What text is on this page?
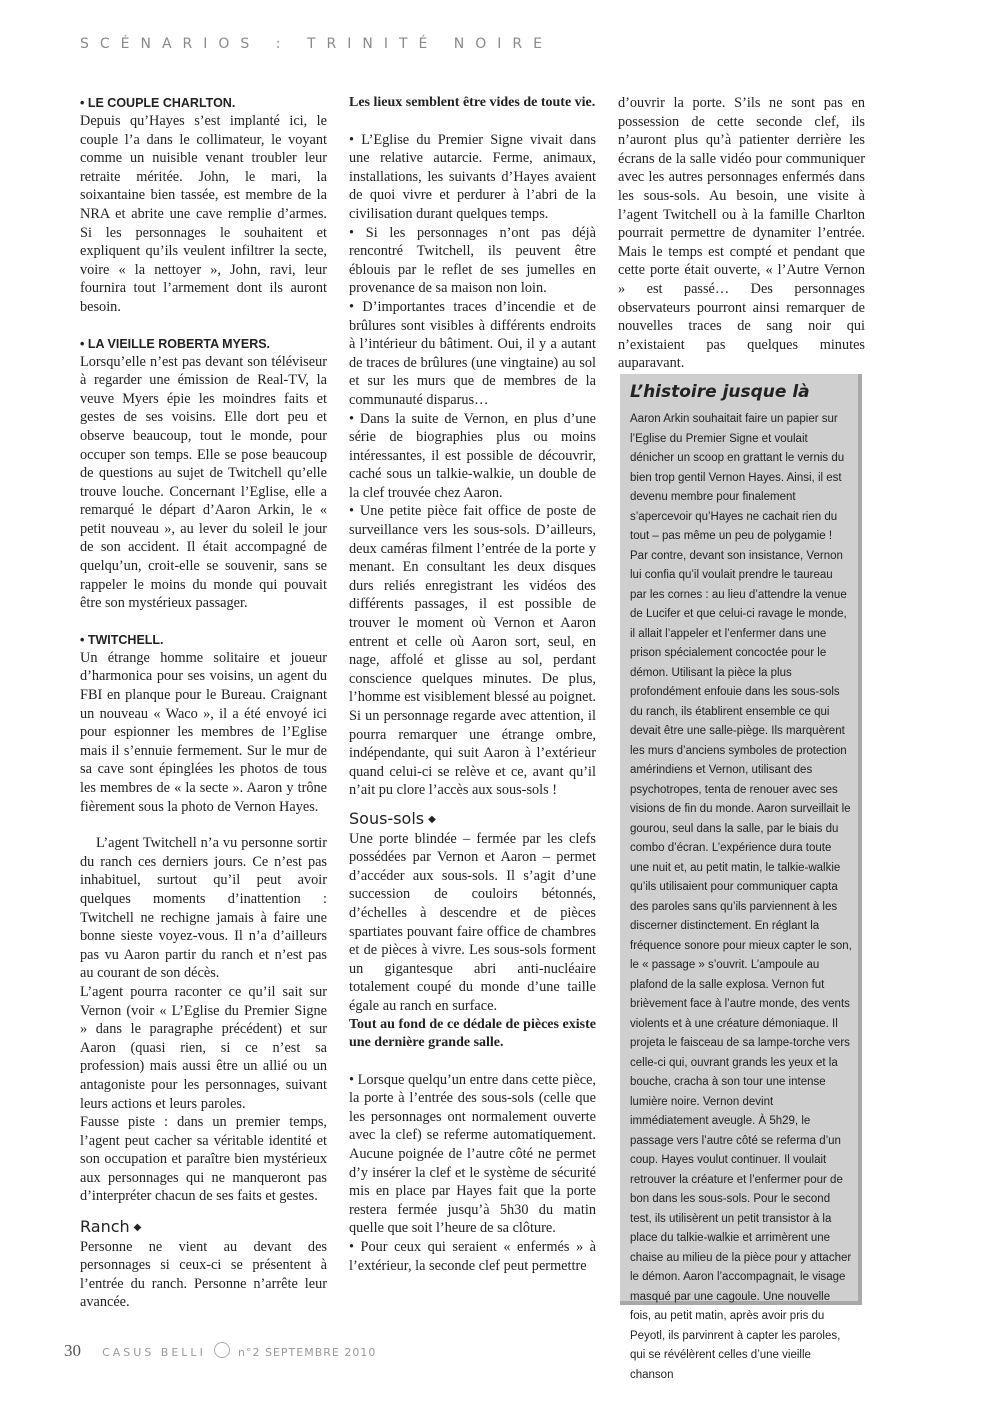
SCÉNARIOS : TRINITÉ NOIRE

• LE COUPLE CHARLTON.

Depuis qu’Hayes s’est implanté ici, le couple l’a dans le collimateur, le voyant comme un nuisible venant troubler leur retraite méritée. John, le mari, la soixantaine bien tassée, est membre de la NRA et abrite une cave remplie d’armes. Si les personnages le souhaitent et expliquent qu’ils veulent infiltrer la secte, voire « la nettoyer », John, ravi, leur fournira tout l’armement dont ils auront besoin.

• LA VIEILLE ROBERTA MYERS.

Lorsqu’elle n’est pas devant son téléviseur à regarder une émission de Real-TV, la veuve Myers épie les moindres faits et gestes de ses voisins. Elle dort peu et observe beaucoup, tout le monde, pour occuper son temps. Elle se pose beaucoup de questions au sujet de Twitchell qu’elle trouve louche. Concernant l’Eglise, elle a remarqué le départ d’Aaron Arkin, le « petit nouveau », au lever du soleil le jour de son accident. Il était accompagné de quelqu’un, croit-elle se souvenir, sans se rappeler le moins du monde qui pouvait être son mystérieux passager.

• TWITCHELL.

Un étrange homme solitaire et joueur d’harmonica pour ses voisins, un agent du FBI en planque pour le Bureau. Craignant un nouveau « Waco », il a été envoyé ici pour espionner les membres de l’Eglise mais il s’ennuie fermement. Sur le mur de sa cave sont épinglées les photos de tous les membres de « la secte ». Aaron y trône fièrement sous la photo de Vernon Hayes.

L’agent Twitchell n’a vu personne sortir du ranch ces derniers jours. Ce n’est pas inhabituel, surtout qu’il peut avoir quelques moments d’inattention : Twitchell ne rechigne jamais à faire une bonne sieste voyez-vous. Il n’a d’ailleurs pas vu Aaron partir du ranch et n’est pas au courant de son décès.

L’agent pourra raconter ce qu’il sait sur Vernon (voir « L’Eglise du Premier Signe » dans le paragraphe précédent) et sur Aaron (quasi rien, si ce n’est sa profession) mais aussi être un allié ou un antagoniste pour les personnages, suivant leurs actions et leurs paroles.

Fausse piste : dans un premier temps, l’agent peut cacher sa véritable identité et son occupation et paraître bien mystérieux aux personnages qui ne manqueront pas d’interpréter chacun de ses faits et gestes.

Ranch ◆

Personne ne vient au devant des personnages si ceux-ci se présentent à l’entrée du ranch. Personne n’arrête leur avancée.

Les lieux semblent être vides de toute vie.

• L’Eglise du Premier Signe vivait dans une relative autarcie. Ferme, animaux, installations, les suivants d’Hayes avaient de quoi vivre et perdurer à l’abri de la civilisation durant quelques temps.

• Si les personnages n’ont pas déjà rencontré Twitchell, ils peuvent être éblouis par le reflet de ses jumelles en provenance de sa maison non loin.

• D’importantes traces d’incendie et de brûlures sont visibles à différents endroits à l’intérieur du bâtiment. Oui, il y a autant de traces de brûlures (une vingtaine) au sol et sur les murs que de membres de la communauté disparus…

• Dans la suite de Vernon, en plus d’une série de biographies plus ou moins intéressantes, il est possible de découvrir, caché sous un talkie-walkie, un double de la clef trouvée chez Aaron.

• Une petite pièce fait office de poste de surveillance vers les sous-sols. D’ailleurs, deux caméras filment l’entrée de la porte y menant. En consultant les deux disques durs reliés enregistrant les vidéos des différents passages, il est possible de trouver le moment où Vernon et Aaron entrent et celle où Aaron sort, seul, en nage, affolé et glisse au sol, perdant conscience quelques minutes. De plus, l’homme est visiblement blessé au poignet. Si un personnage regarde avec attention, il pourra remarquer une étrange ombre, indépendante, qui suit Aaron à l’extérieur quand celui-ci se relève et ce, avant qu’il n’ait pu clore l’accès aux sous-sols !

Sous-sols ◆

Une porte blindée – fermée par les clefs possédées par Vernon et Aaron – permet d’accéder aux sous-sols. Il s’agit d’une succession de couloirs bétonnés, d’échelles à descendre et de pièces spartiates pouvant faire office de chambres et de pièces à vivre. Les sous-sols forment un gigantesque abri anti-nucléaire totalement coupé du monde d’une taille égale au ranch en surface.

Tout au fond de ce dédale de pièces existe une dernière grande salle.

• Lorsque quelqu’un entre dans cette pièce, la porte à l’entrée des sous-sols (celle que les personnages ont normalement ouverte avec la clef) se referme automatiquement. Aucune poignée de l’autre côté ne permet d’y insérer la clef et le système de sécurité mis en place par Hayes fait que la porte restera fermée jusqu’à 5h30 du matin quelle que soit l’heure de sa clôture.

• Pour ceux qui seraient « enfermés » à l’extérieur, la seconde clef peut permettre

d’ouvrir la porte. S’ils ne sont pas en possession de cette seconde clef, ils n’auront plus qu’à patienter derrière les écrans de la salle vidéo pour communiquer avec les autres personnages enfermés dans les sous-sols. Au besoin, une visite à l’agent Twitchell ou à la famille Charlton pourrait permettre de dynamiter l’entrée. Mais le temps est compté et pendant que cette porte était ouverte, « l’Autre Vernon » est passé… Des personnages observateurs pourront ainsi remarquer de nouvelles traces de sang noir qui n’existaient pas quelques minutes auparavant.

L’histoire jusque là
Aaron Arkin souhaitait faire un papier sur l’Eglise du Premier Signe et voulait dénicher un scoop en grattant le vernis du bien trop gentil Vernon Hayes. Ainsi, il est devenu membre pour finalement s’apercevoir qu’Hayes ne cachait rien du tout – pas même un peu de polygamie ! Par contre, devant son insistance, Vernon lui confia qu’il voulait prendre le taureau par les cornes : au lieu d’attendre la venue de Lucifer et que celui-ci ravage le monde, il allait l’appeler et l’enfermer dans une prison spécialement concoctée pour le démon. Utilisant la pièce la plus profondément enfouie dans les sous-sols du ranch, ils établirent ensemble ce qui devait être une salle-piège. Ils marquèrent les murs d’anciens symboles de protection amérindiens et Vernon, utilisant des psychotropes, tenta de renouer avec ses visions de fin du monde. Aaron surveillait le gourou, seul dans la salle, par le biais du combo d’écran. L’expérience dura toute une nuit et, au petit matin, le talkie-walkie qu’ils utilisaient pour communiquer capta des paroles sans qu’ils parviennent à les discerner distinctement. En réglant la fréquence sonore pour mieux capter le son, le « passage » s’ouvrit. L’ampoule au plafond de la salle explosa. Vernon fut brièvement face à l’autre monde, des vents violents et à une créature démoniaque. Il projeta le faisceau de sa lampe-torche vers celle-ci qui, ouvrant grands les yeux et la bouche, cracha à son tour une intense lumière noire. Vernon devint immédiatement aveugle. À 5h29, le passage vers l’autre côté se referma d’un coup. Hayes voulut continuer. Il voulait retrouver la créature et l’enfermer pour de bon dans les sous-sols. Pour le second test, ils utilisèrent un petit transistor à la place du talkie-walkie et arrimèrent une chaise au milieu de la pièce pour y attacher le démon. Aaron l’accompagnait, le visage masqué par une cagoule. Une nouvelle fois, au petit matin, après avoir pris du Peyotl, ils parvinrent à capter les paroles, qui se révélèrent celles d’une vieille chanson
30 CASUS BELLI	n°2 SEPTEMBRE 2010
